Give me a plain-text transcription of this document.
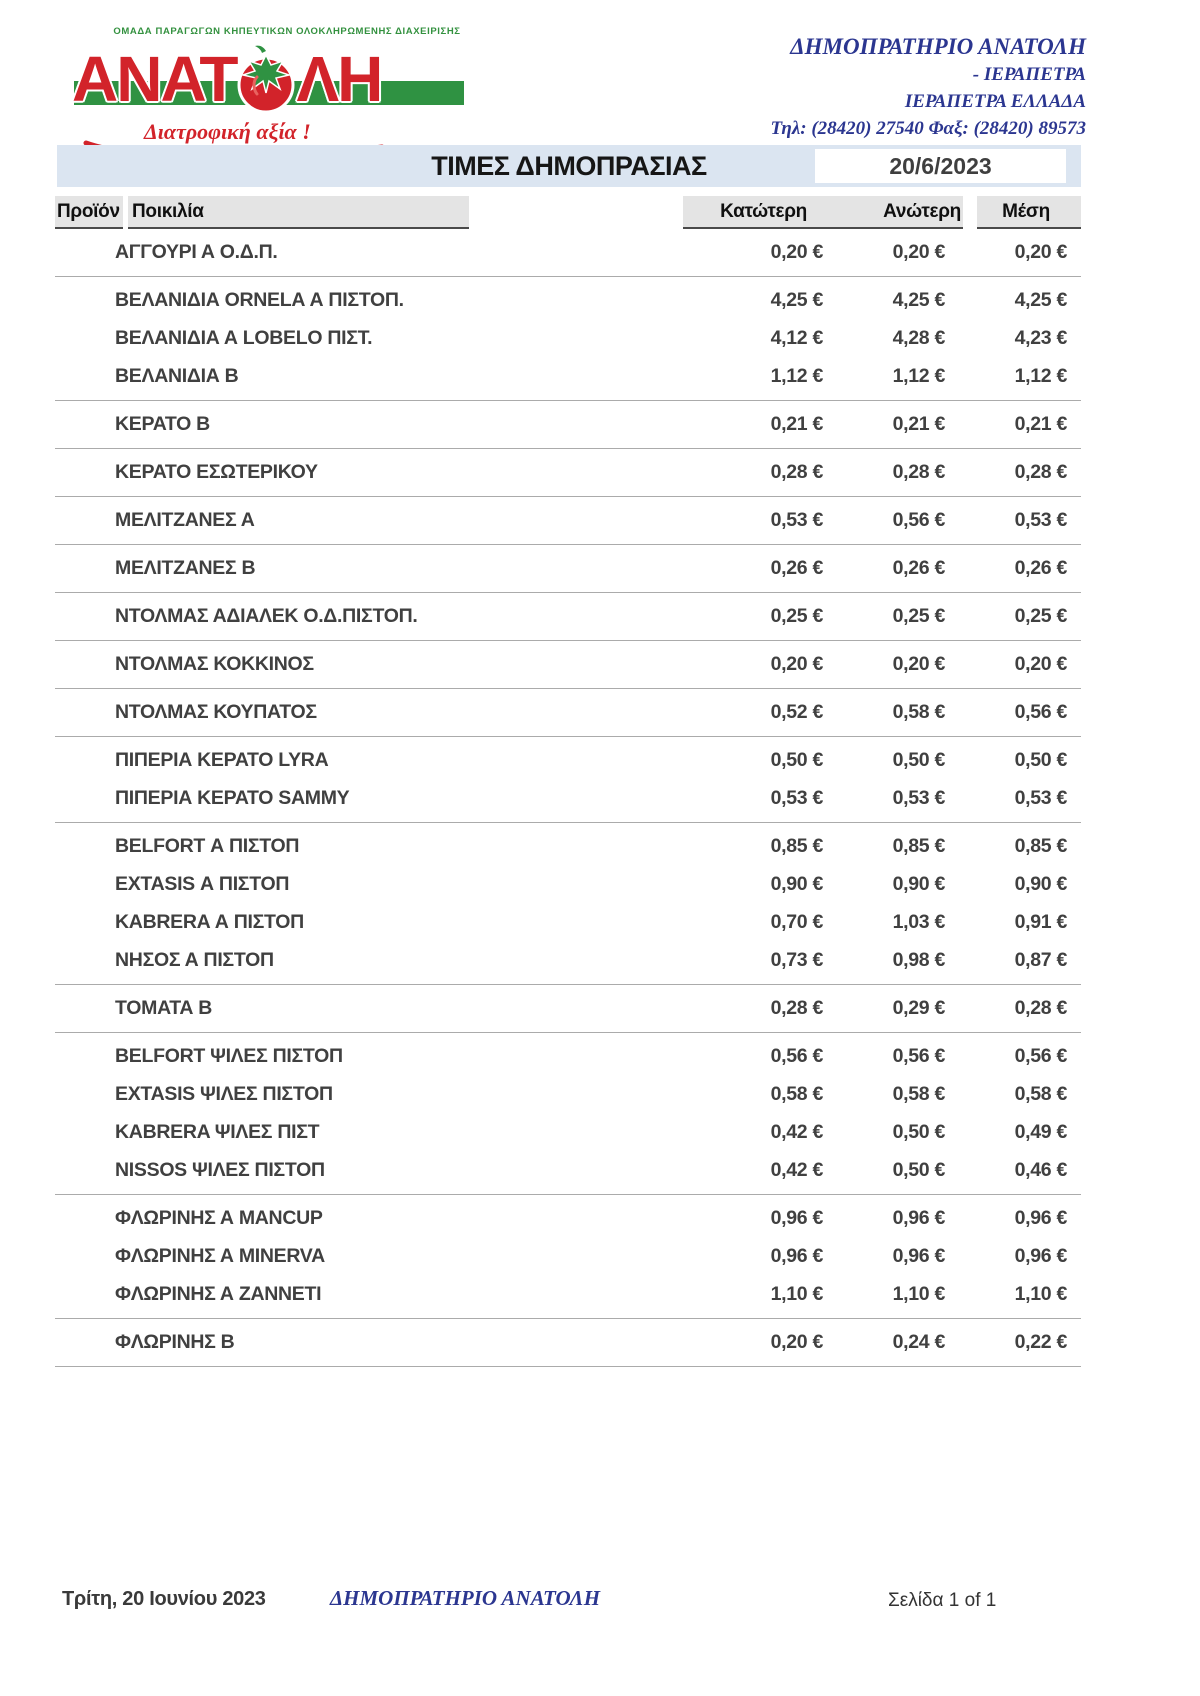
ΟΜΑΔΑ ΠΑΡΑΓΩΓΩΝ ΚΗΠΕΥΤΙΚΩΝ ΟΛΟΚΛΗΡΩΜΕΝΗΣ ΔΙΑΧΕΙΡΙΣΗΣ
ΑΝΑΤ ΛΗ
Διατροφική αξία !
ΔΗΜΟΠΡΑΤΗΡΙΟ ΑΝΑΤΟΛΗ
- ΙΕΡΑΠΕΤΡΑ
ΙΕΡΑΠΕΤΡΑ ΕΛΛΑΔΑ
Τηλ: (28420) 27540 Φαξ: (28420) 89573
ΤΙΜΕΣ ΔΗΜΟΠΡΑΣΙΑΣ	20/6/2023
Προϊόν Ποικιλία	Κατώτερη	Ανώτερη	Μέση
ΑΓΓΟΥΡΙ Α Ο.Δ.Π.	0,20 €	0,20 €	0,20 €
ΒΕΛΑΝΙΔΙΑ ORNELA Α ΠΙΣΤΟΠ.	4,25 €	4,25 €	4,25 €
ΒΕΛΑΝΙΔΙΑ Α LOBELO ΠΙΣΤ.	4,12 €	4,28 €	4,23 €
ΒΕΛΑΝΙΔΙΑ Β	1,12 €	1,12 €	1,12 €
ΚΕΡΑΤΟ Β	0,21 €	0,21 €	0,21 €
ΚΕΡΑΤΟ ΕΣΩΤΕΡΙΚΟΥ	0,28 €	0,28 €	0,28 €
ΜΕΛΙΤΖΑΝΕΣ Α	0,53 €	0,56 €	0,53 €
ΜΕΛΙΤΖΑΝΕΣ Β	0,26 €	0,26 €	0,26 €
ΝΤΟΛΜΑΣ ΑΔΙΑΛΕΚ Ο.Δ.ΠΙΣΤΟΠ.	0,25 €	0,25 €	0,25 €
ΝΤΟΛΜΑΣ ΚΟΚΚΙΝΟΣ	0,20 €	0,20 €	0,20 €
ΝΤΟΛΜΑΣ ΚΟΥΠΑΤΟΣ	0,52 €	0,58 €	0,56 €
ΠΙΠΕΡΙΑ ΚΕΡΑΤΟ LYRA	0,50 €	0,50 €	0,50 €
ΠΙΠΕΡΙΑ ΚΕΡΑΤΟ SAMMY	0,53 €	0,53 €	0,53 €
BELFORT Α ΠΙΣΤΟΠ	0,85 €	0,85 €	0,85 €
EXTASIS Α ΠΙΣΤΟΠ	0,90 €	0,90 €	0,90 €
KABRERA Α ΠΙΣΤΟΠ	0,70 €	1,03 €	0,91 €
ΝΗΣΟΣ Α ΠΙΣΤΟΠ	0,73 €	0,98 €	0,87 €
ΤΟΜΑΤΑ Β	0,28 €	0,29 €	0,28 €
BELFORT ΨΙΛΕΣ ΠΙΣΤΟΠ	0,56 €	0,56 €	0,56 €
EXTASIS ΨΙΛΕΣ ΠΙΣΤΟΠ	0,58 €	0,58 €	0,58 €
KABRERA ΨΙΛΕΣ ΠΙΣΤ	0,42 €	0,50 €	0,49 €
NISSOS ΨΙΛΕΣ ΠΙΣΤΟΠ	0,42 €	0,50 €	0,46 €
ΦΛΩΡΙΝΗΣ Α MANCUP	0,96 €	0,96 €	0,96 €
ΦΛΩΡΙΝΗΣ Α MINERVA	0,96 €	0,96 €	0,96 €
ΦΛΩΡΙΝΗΣ Α ZANNETI	1,10 €	1,10 €	1,10 €
ΦΛΩΡΙΝΗΣ Β	0,20 €	0,24 €	0,22 €
Τρίτη, 20 Ιουνίου 2023	ΔΗΜΟΠΡΑΤΗΡΙΟ ΑΝΑΤΟΛΗ	Σελίδα 1 of 1
